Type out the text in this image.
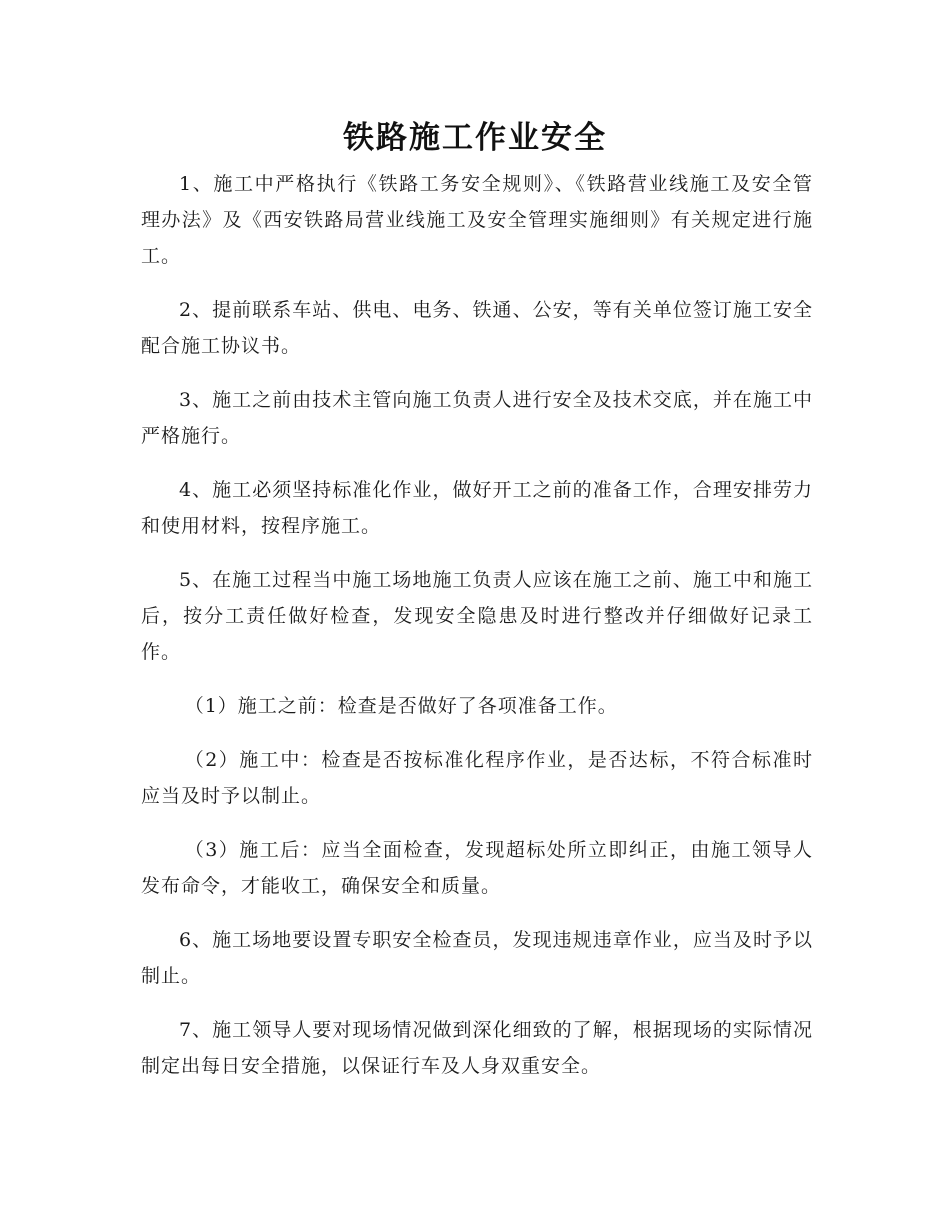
铁路施工作业安全

1、施工中严格执行《铁路工务安全规则》、《铁路营业线施工及安全管理办法》及《西安铁路局营业线施工及安全管理实施细则》有关规定进行施工。

2、提前联系车站、供电、电务、铁通、公安，等有关单位签订施工安全配合施工协议书。

3、施工之前由技术主管向施工负责人进行安全及技术交底，并在施工中严格施行。

4、施工必须坚持标准化作业，做好开工之前的准备工作，合理安排劳力和使用材料，按程序施工。

5、在施工过程当中施工场地施工负责人应该在施工之前、施工中和施工后，按分工责任做好检查，发现安全隐患及时进行整改并仔细做好记录工作。

（1）施工之前：检查是否做好了各项准备工作。

（2）施工中：检查是否按标准化程序作业，是否达标，不符合标准时应当及时予以制止。

（3）施工后：应当全面检查，发现超标处所立即纠正，由施工领导人发布命令，才能收工，确保安全和质量。

6、施工场地要设置专职安全检查员，发现违规违章作业，应当及时予以制止。

7、施工领导人要对现场情况做到深化细致的了解，根据现场的实际情况制定出每日安全措施，以保证行车及人身双重安全。
